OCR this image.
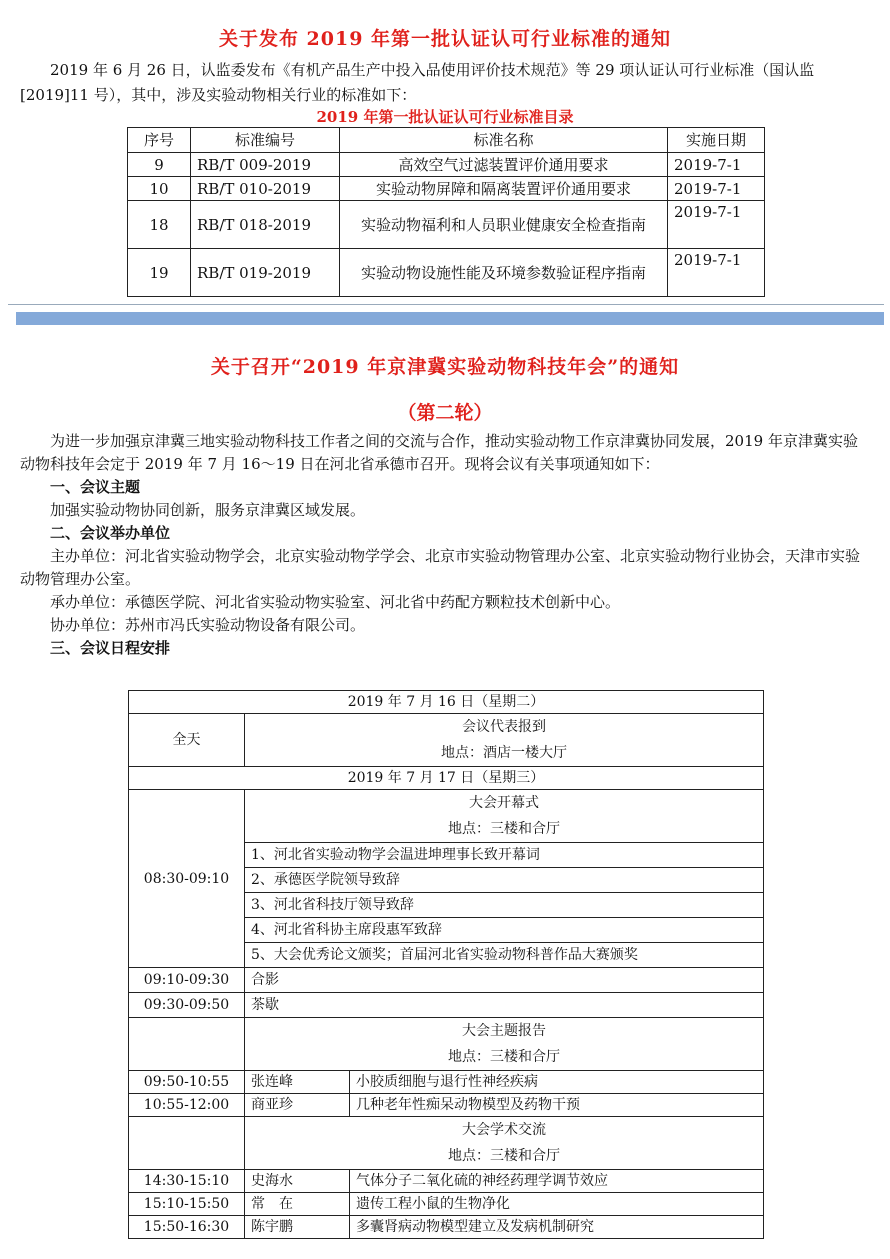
关于发布 2019 年第一批认证认可行业标准的通知
2019 年 6 月 26 日，认监委发布《有机产品生产中投入品使用评价技术规范》等 29 项认证认可行业标准（国认监[2019]11 号），其中，涉及实验动物相关行业的标准如下：
2019 年第一批认证认可行业标准目录
序号	标准编号	标准名称	实施日期
9	RB/T 009-2019	高效空气过滤装置评价通用要求	2019-7-1
10	RB/T 010-2019	实验动物屏障和隔离装置评价通用要求	2019-7-1
18	RB/T 018-2019	实验动物福利和人员职业健康安全检查指南	2019-7-1
19	RB/T 019-2019	实验动物设施性能及环境参数验证程序指南	2019-7-1
关于召开“2019 年京津冀实验动物科技年会”的通知
（第二轮）

为进一步加强京津冀三地实验动物科技工作者之间的交流与合作，推动实验动物工作京津冀协同发展，2019 年京津冀实验动物科技年会定于 2019 年 7 月 16～19 日在河北省承德市召开。现将会议有关事项通知如下：

一、会议主题

加强实验动物协同创新，服务京津冀区域发展。

二、会议举办单位

主办单位：河北省实验动物学会，北京实验动物学学会、北京市实验动物管理办公室、北京实验动物行业协会，天津市实验动物管理办公室。

承办单位：承德医学院、河北省实验动物实验室、河北省中药配方颗粒技术创新中心。

协办单位：苏州市冯氏实验动物设备有限公司。

三、会议日程安排

2019 年 7 月 16 日（星期二）		
全天	会议代表报到
地点：酒店一楼大厅	

2019 年 7 月 17 日（星期三）		
08:30-09:10	大会开幕式
地点：三楼和合厅	

	1、河北省实验动物学会温进坤理事长致开幕词	
	2、承德医学院领导致辞	
	3、河北省科技厅领导致辞	
	4、河北省科协主席段惠军致辞	
	5、大会优秀论文颁奖；首届河北省实验动物科普作品大赛颁奖	
09:10-09:30	合影	
09:30-09:50	茶歇	

	大会主题报告
地点：三楼和合厅	

09:50-10:55	张连峰	小胶质细胞与退行性神经疾病
10:55-12:00	商亚珍	几种老年性痴呆动物模型及药物干预

	大会学术交流
地点：三楼和合厅	

14:30-15:10	史海水	气体分子二氧化硫的神经药理学调节效应
15:10-15:50	常　在	遗传工程小鼠的生物净化
15:50-16:30	陈宇鹏	多囊肾病动物模型建立及发病机制研究
